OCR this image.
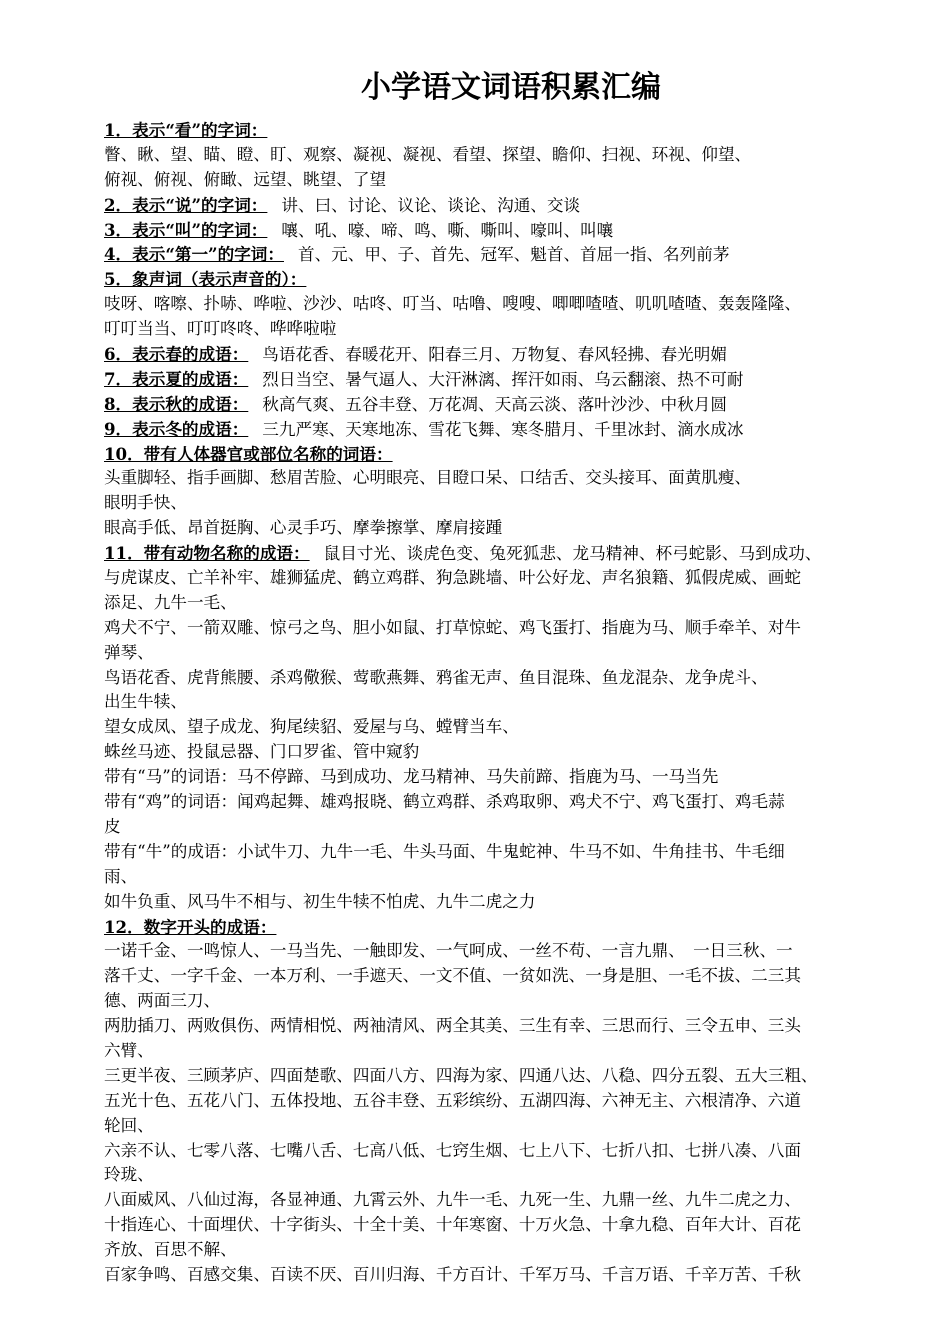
小学语文词语积累汇编
1．表示“看”的字词：
瞥、瞅、望、瞄、瞪、盯、观察、凝视、凝视、看望、探望、瞻仰、扫视、环视、仰望、
俯视、俯视、俯瞰、远望、眺望、了望
2．表示“说”的字词： 讲、曰、讨论、议论、谈论、沟通、交谈
3．表示“叫”的字词： 嚷、吼、嚎、啼、鸣、嘶、嘶叫、嚎叫、叫嚷
4．表示“第一”的字词： 首、元、甲、子、首先、冠军、魁首、首屈一指、名列前茅
5．象声词（表示声音的）：
吱呀、喀嚓、扑哧、哗啦、沙沙、咕咚、叮当、咕噜、嗖嗖、唧唧喳喳、叽叽喳喳、轰轰隆隆、
叮叮当当、叮叮咚咚、哗哗啦啦
6．表示春的成语： 鸟语花香、春暖花开、阳春三月、万物复、春风轻拂、春光明媚
7．表示夏的成语： 烈日当空、暑气逼人、大汗淋漓、挥汗如雨、乌云翻滚、热不可耐
8．表示秋的成语： 秋高气爽、五谷丰登、万花凋、天高云淡、落叶沙沙、中秋月圆
9．表示冬的成语： 三九严寒、天寒地冻、雪花飞舞、寒冬腊月、千里冰封、滴水成冰
10．带有人体器官或部位名称的词语：
头重脚轻、指手画脚、愁眉苦脸、心明眼亮、目瞪口呆、口结舌、交头接耳、面黄肌瘦、
眼明手快、
眼高手低、昂首挺胸、心灵手巧、摩拳擦掌、摩肩接踵
11．带有动物名称的成语： 鼠目寸光、谈虎色变、兔死狐悲、龙马精神、杯弓蛇影、马到成功、
与虎谋皮、亡羊补牢、雄狮猛虎、鹤立鸡群、狗急跳墙、叶公好龙、声名狼籍、狐假虎威、画蛇
添足、九牛一毛、
鸡犬不宁、一箭双雕、惊弓之鸟、胆小如鼠、打草惊蛇、鸡飞蛋打、指鹿为马、顺手牵羊、对牛
弹琴、
鸟语花香、虎背熊腰、杀鸡儆猴、莺歌燕舞、鸦雀无声、鱼目混珠、鱼龙混杂、龙争虎斗、
出生牛犊、
望女成凤、望子成龙、狗尾续貂、爱屋与乌、螳臂当车、
蛛丝马迹、投鼠忌器、门口罗雀、管中窥豹
带有“马”的词语：马不停蹄、马到成功、龙马精神、马失前蹄、指鹿为马、一马当先
带有“鸡”的词语：闻鸡起舞、雄鸡报晓、鹤立鸡群、杀鸡取卵、鸡犬不宁、鸡飞蛋打、鸡毛蒜
皮
带有“牛”的成语：小试牛刀、九牛一毛、牛头马面、牛鬼蛇神、牛马不如、牛角挂书、牛毛细
雨、
如牛负重、风马牛不相与、初生牛犊不怕虎、九牛二虎之力
12．数字开头的成语：
一诺千金、一鸣惊人、一马当先、一触即发、一气呵成、一丝不苟、一言九鼎、　一日三秋、一
落千丈、一字千金、一本万利、一手遮天、一文不值、一贫如洗、一身是胆、一毛不拔、二三其
德、两面三刀、
两肋插刀、两败俱伤、两情相悦、两袖清风、两全其美、三生有幸、三思而行、三令五申、三头
六臂、
三更半夜、三顾茅庐、四面楚歌、四面八方、四海为家、四通八达、八稳、四分五裂、五大三粗、
五光十色、五花八门、五体投地、五谷丰登、五彩缤纷、五湖四海、六神无主、六根清净、六道
轮回、
六亲不认、七零八落、七嘴八舌、七高八低、七窍生烟、七上八下、七折八扣、七拼八凑、八面
玲珑、
八面威风、八仙过海，各显神通、九霄云外、九牛一毛、九死一生、九鼎一丝、九牛二虎之力、
十指连心、十面埋伏、十字街头、十全十美、十年寒窗、十万火急、十拿九稳、百年大计、百花
齐放、百思不解、
百家争鸣、百感交集、百读不厌、百川归海、千方百计、千军万马、千言万语、千辛万苦、千秋
